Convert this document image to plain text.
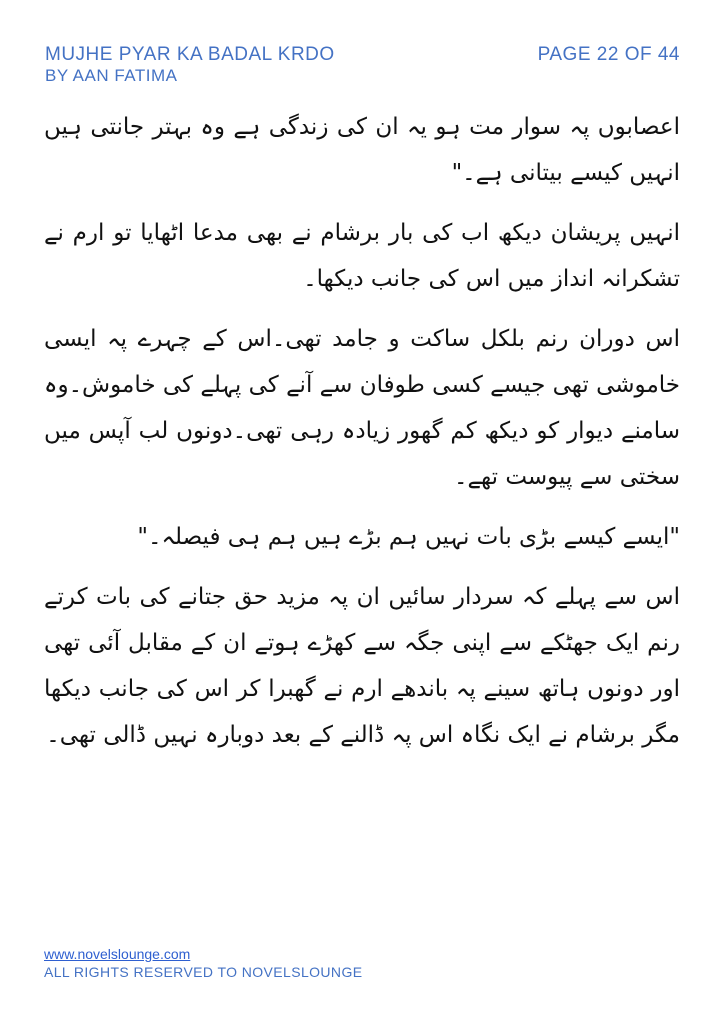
MUJHE PYAR KA BADAL KRDO
BY AAN FATIMA
PAGE 22 OF 44

اعصابوں پہ سوار مت ہو یہ ان کی زندگی ہے وہ بہتر جانتی ہیں انہیں کیسے بیتانی ہے۔"

انہیں پریشان دیکھ اب کی بار برشام نے بھی مدعا اٹھایا تو ارم نے تشکرانہ انداز میں اس کی جانب دیکھا۔

اس دوران رنم بلکل ساکت و جامد تھی۔اس کے چہرے پہ ایسی خاموشی تھی جیسے کسی طوفان سے آنے کی پہلے کی خاموش۔وہ سامنے دیوار کو دیکھ کم گھور زیادہ رہی تھی۔دونوں لب آپس میں سختی سے پیوست تھے۔

"ایسے کیسے بڑی بات نہیں ہم بڑے ہیں ہم ہی فیصلہ۔"

اس سے پہلے کہ سردار سائیں ان پہ مزید حق جتانے کی بات کرتے رنم ایک جھٹکے سے اپنی جگہ سے کھڑے ہوتے ان کے مقابل آئی تھی اور دونوں ہاتھ سینے پہ باندھے ارم نے گھبرا کر اس کی جانب دیکھا مگر برشام نے ایک نگاہ اس پہ ڈالنے کے بعد دوبارہ نہیں ڈالی تھی۔

www.novelslounge.com
ALL RIGHTS RESERVED TO NOVELSLOUNGE
